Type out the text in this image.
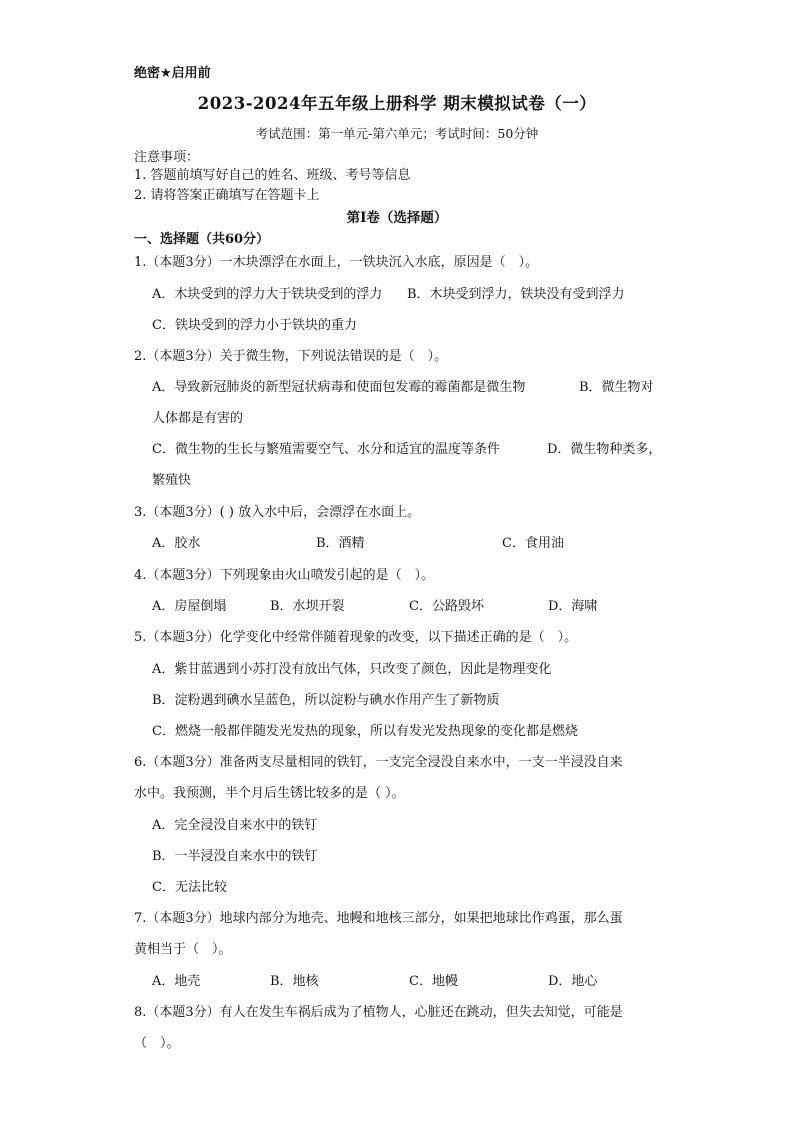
绝密★启用前
2023-2024年五年级上册科学 期末模拟试卷（一）
考试范围：第一单元-第六单元；考试时间：50分钟
注意事项：
1. 答题前填写好自己的姓名、班级、考号等信息
2. 请将答案正确填写在答题卡上
第I卷（选择题）
一、选择题（共60分）
1.（本题3分）一木块漂浮在水面上，一铁块沉入水底，原因是（　）。
A．木块受到的浮力大于铁块受到的浮力 B．木块受到浮力，铁块没有受到浮力
C．铁块受到的浮力小于铁块的重力
2.（本题3分）关于微生物，下列说法错误的是（　）。
A．导致新冠肺炎的新型冠状病毒和使面包发霉的霉菌都是微生物	B．微生物对
人体都是有害的
C．微生物的生长与繁殖需要空气、水分和适宜的温度等条件	D．微生物种类多，
繁殖快
3.（本题3分）( ) 放入水中后，会漂浮在水面上。
A．胶水	B．酒精	C．食用油
4.（本题3分）下列现象由火山喷发引起的是（　）。
A．房屋倒塌	B．水坝开裂	C．公路毁坏	D．海啸
5.（本题3分）化学变化中经常伴随着现象的改变，以下描述正确的是（　）。
A．紫甘蓝遇到小苏打没有放出气体，只改变了颜色，因此是物理变化
B．淀粉遇到碘水呈蓝色，所以淀粉与碘水作用产生了新物质
C．燃烧一般都伴随发光发热的现象，所以有发光发热现象的变化都是燃烧
6.（本题3分）准备两支尽量相同的铁钉，一支完全浸没自来水中，一支一半浸没自来
水中。我预测，半个月后生锈比较多的是（ ）。
A．完全浸没自来水中的铁钉
B．一半浸没自来水中的铁钉
C．无法比较
7.（本题3分）地球内部分为地壳、地幔和地核三部分，如果把地球比作鸡蛋，那么蛋
黄相当于（　）。
A．地壳	B．地核	C．地幔	D．地心
8.（本题3分）有人在发生车祸后成为了植物人，心脏还在跳动，但失去知觉，可能是
（　）。
